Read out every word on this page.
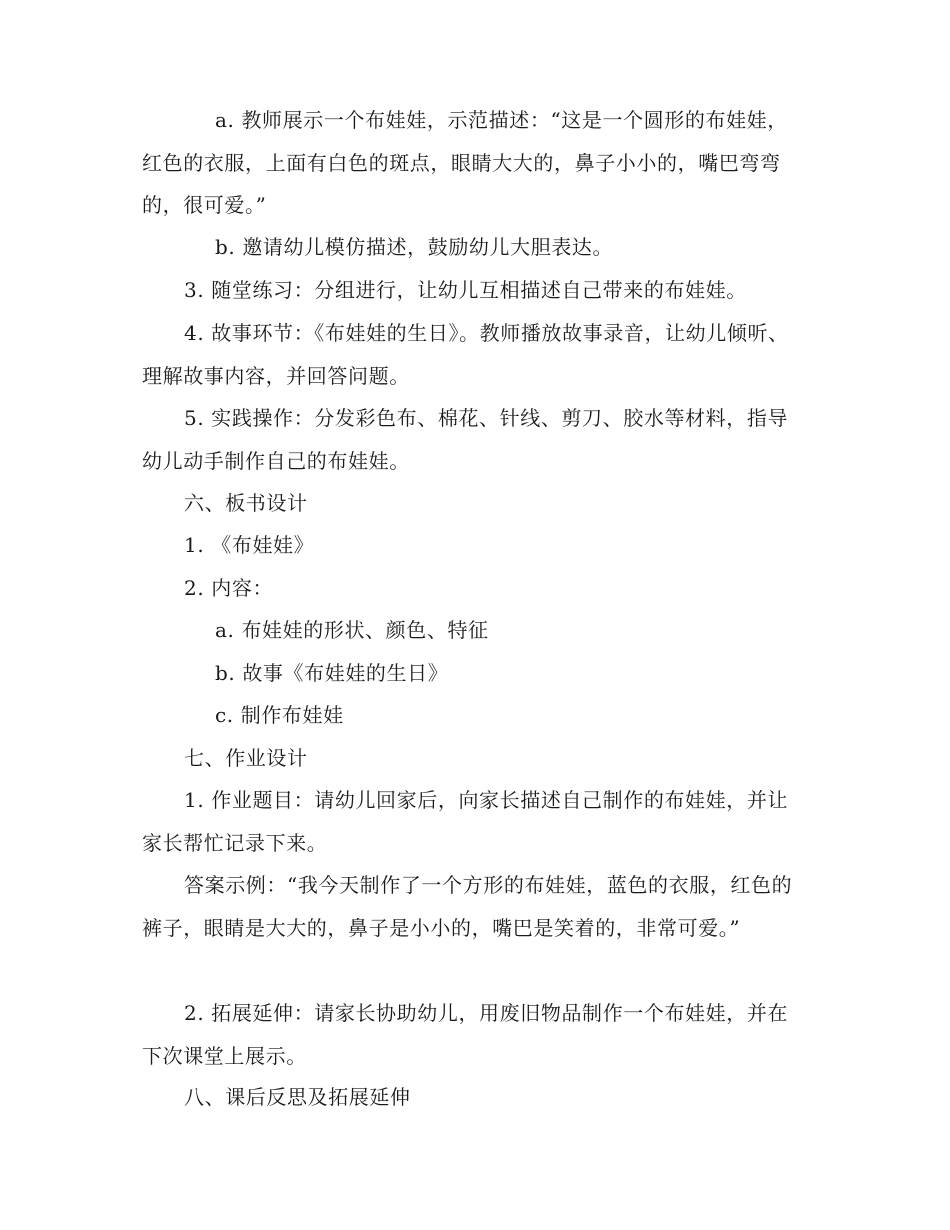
a. 教师展示一个布娃娃，示范描述：“这是一个圆形的布娃娃，红色的衣服，上面有白色的斑点，眼睛大大的，鼻子小小的，嘴巴弯弯的，很可爱。”

b. 邀请幼儿模仿描述，鼓励幼儿大胆表达。

3. 随堂练习：分组进行，让幼儿互相描述自己带来的布娃娃。

4. 故事环节：《布娃娃的生日》。教师播放故事录音，让幼儿倾听、理解故事内容，并回答问题。

5. 实践操作：分发彩色布、棉花、针线、剪刀、胶水等材料，指导幼儿动手制作自己的布娃娃。

六、板书设计

1. 《布娃娃》

2. 内容：

a. 布娃娃的形状、颜色、特征

b. 故事《布娃娃的生日》

c. 制作布娃娃

七、作业设计

1. 作业题目：请幼儿回家后，向家长描述自己制作的布娃娃，并让家长帮忙记录下来。

答案示例：“我今天制作了一个方形的布娃娃，蓝色的衣服，红色的裤子，眼睛是大大的，鼻子是小小的，嘴巴是笑着的，非常可爱。”

2. 拓展延伸：请家长协助幼儿，用废旧物品制作一个布娃娃，并在下次课堂上展示。

八、课后反思及拓展延伸
